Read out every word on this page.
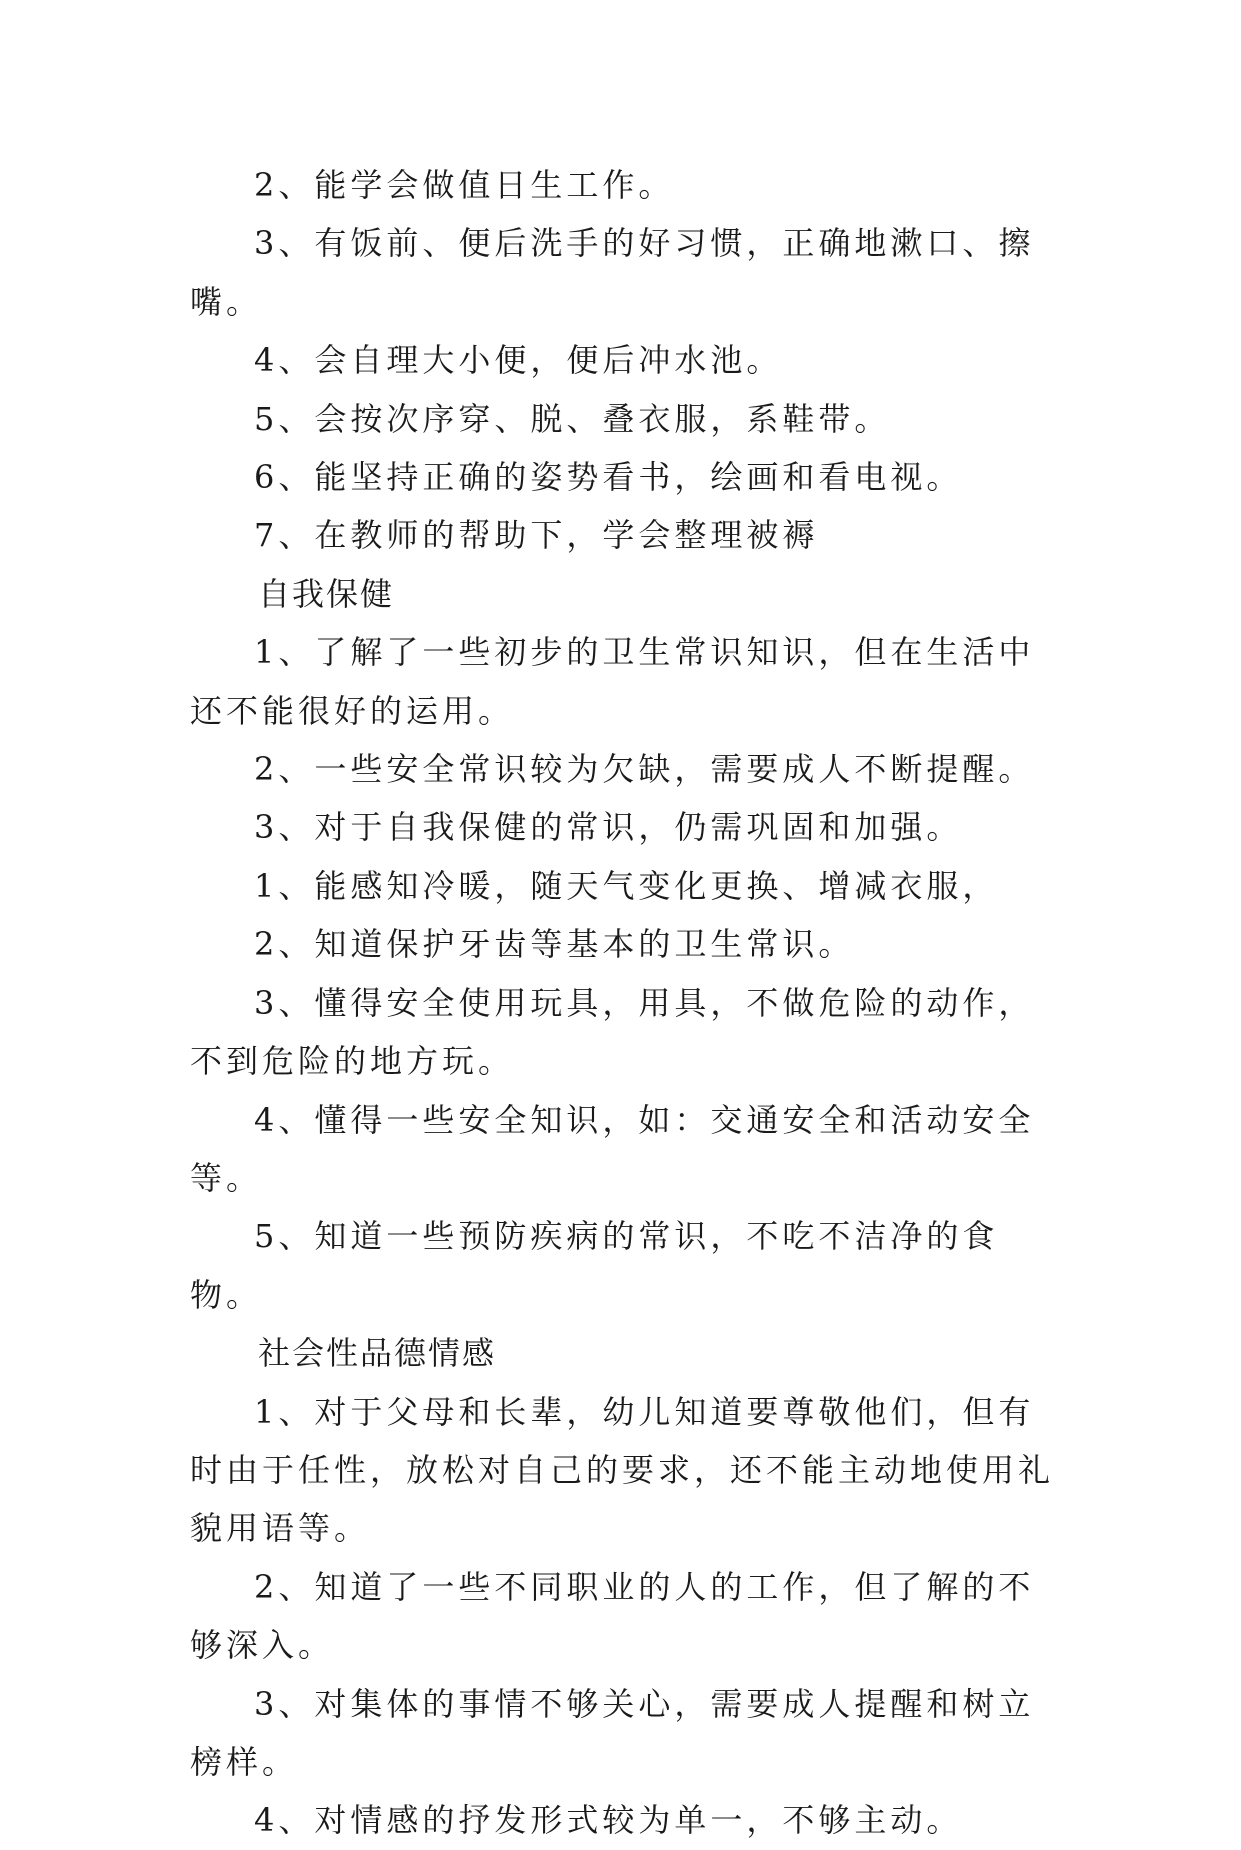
2、能学会做值日生工作。

3、有饭前、便后洗手的好习惯，正确地漱口、擦嘴。

4、会自理大小便，便后冲水池。

5、会按次序穿、脱、叠衣服，系鞋带。

6、能坚持正确的姿势看书，绘画和看电视。

7、在教师的帮助下，学会整理被褥

自我保健

1、了解了一些初步的卫生常识知识，但在生活中还不能很好的运用。

2、一些安全常识较为欠缺，需要成人不断提醒。

3、对于自我保健的常识，仍需巩固和加强。

1、能感知冷暖，随天气变化更换、增减衣服，

2、知道保护牙齿等基本的卫生常识。

3、懂得安全使用玩具，用具，不做危险的动作，不到危险的地方玩。

4、懂得一些安全知识，如：交通安全和活动安全等。

5、知道一些预防疾病的常识，不吃不洁净的食物。

社会性品德情感

1、对于父母和长辈，幼儿知道要尊敬他们，但有时由于任性，放松对自己的要求，还不能主动地使用礼貌用语等。

2、知道了一些不同职业的人的工作，但了解的不够深入。

3、对集体的事情不够关心，需要成人提醒和树立榜样。

4、对情感的抒发形式较为单一，不够主动。
